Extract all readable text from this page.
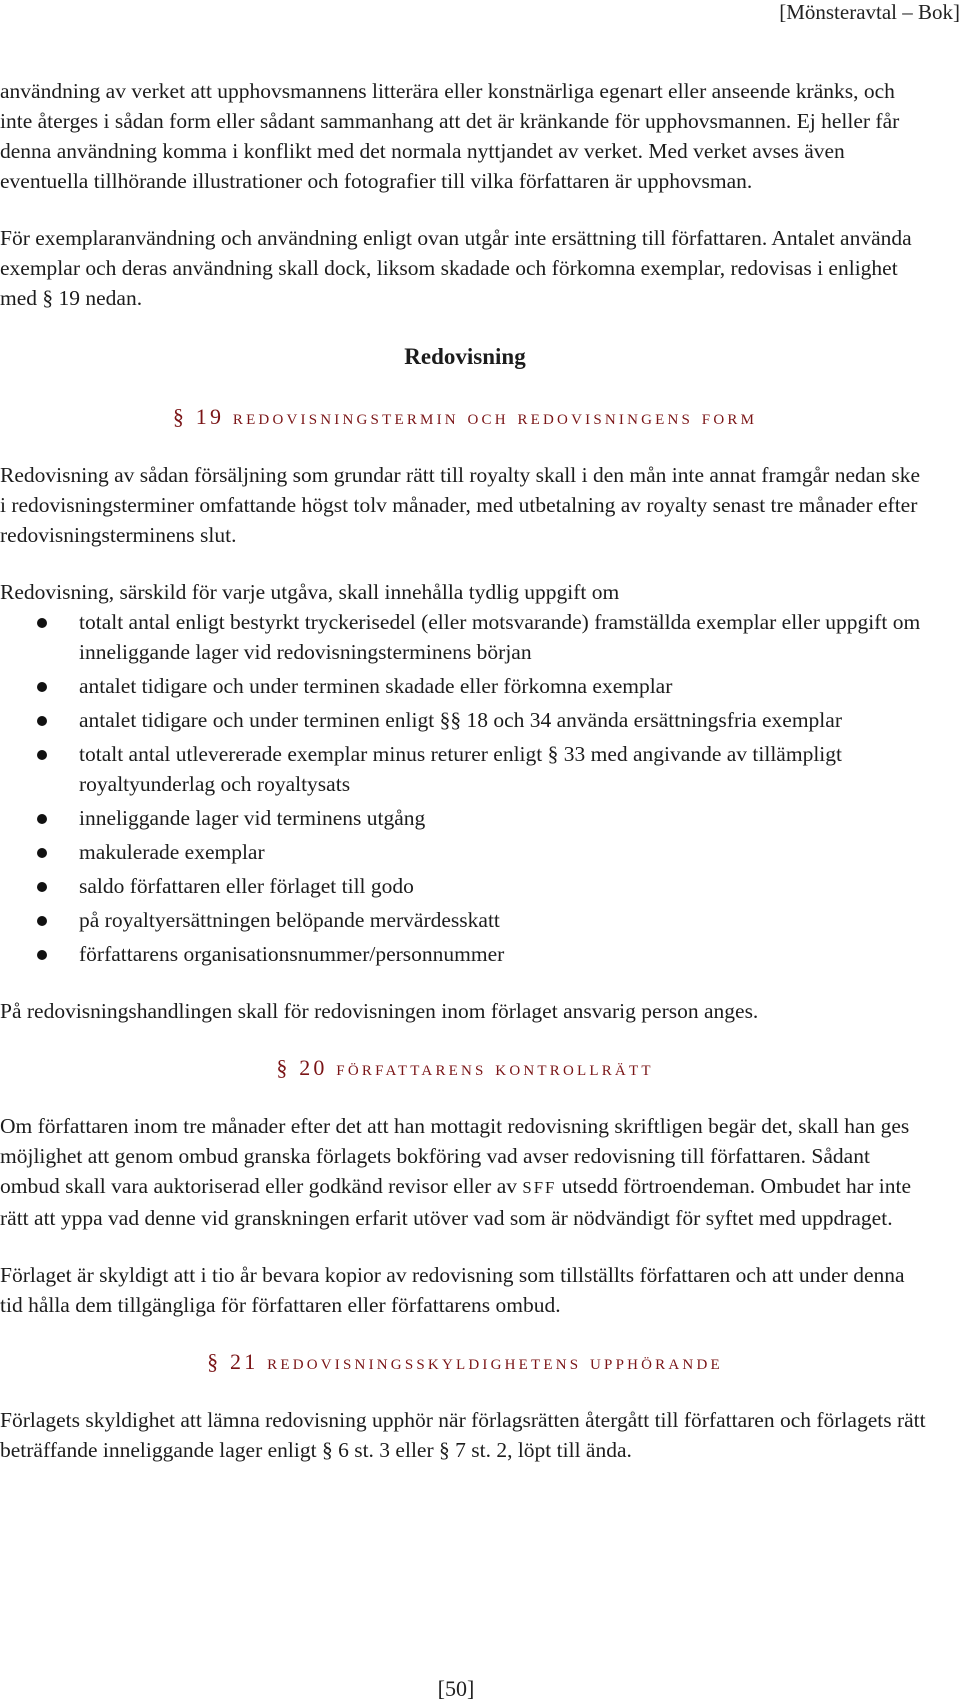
[Mönsteravtal – Bok]

användning av verket att upphovsmannens litterära eller konstnärliga egenart eller anseende kränks, och inte återges i sådan form eller sådant sammanhang att det är kränkande för upphovsmannen. Ej heller får denna användning komma i konflikt med det normala nyttjandet av verket. Med verket avses även eventuella tillhörande illustrationer och fotografier till vilka författaren är upphovsman.

För exemplaranvändning och användning enligt ovan utgår inte ersättning till författaren. Antalet använda exemplar och deras användning skall dock, liksom skadade och förkomna exemplar, redovisas i enlighet med § 19 nedan.

Redovisning
§ 19 redovisningstermin och redovisningens form

Redovisning av sådan försäljning som grundar rätt till royalty skall i den mån inte annat framgår nedan ske i redovisningsterminer omfattande högst tolv månader, med utbetalning av royalty senast tre månader efter redovisningsterminens slut.

Redovisning, särskild för varje utgåva, skall innehålla tydlig uppgift om

totalt antal enligt bestyrkt tryckerisedel (eller motsvarande) framställda exemplar eller uppgift om inneliggande lager vid redovisningsterminens början
antalet tidigare och under terminen skadade eller förkomna exemplar
antalet tidigare och under terminen enligt §§ 18 och 34 använda ersättningsfria exemplar
totalt antal utlevererade exemplar minus returer enligt § 33 med angivande av tillämpligt royaltyunderlag och royaltysats
inneliggande lager vid terminens utgång
makulerade exemplar
saldo författaren eller förlaget till godo
på royaltyersättningen belöpande mervärdesskatt
författarens organisationsnummer/personnummer

På redovisningshandlingen skall för redovisningen inom förlaget ansvarig person anges.

§ 20 författarens kontrollrätt

Om författaren inom tre månader efter det att han mottagit redovisning skriftligen begär det, skall han ges möjlighet att genom ombud granska förlagets bokföring vad avser redovisning till författaren. Sådant ombud skall vara auktoriserad eller godkänd revisor eller av SFF utsedd förtroendeman. Ombudet har inte rätt att yppa vad denne vid granskningen erfarit utöver vad som är nödvändigt för syftet med uppdraget.

Förlaget är skyldigt att i tio år bevara kopior av redovisning som tillställts författaren och att under denna tid hålla dem tillgängliga för författaren eller författarens ombud.

§ 21 redovisningsskyldighetens upphörande

Förlagets skyldighet att lämna redovisning upphör när förlagsrätten återgått till författaren och förlagets rätt beträffande inneliggande lager enligt § 6 st. 3 eller § 7 st. 2, löpt till ända.

[50]
